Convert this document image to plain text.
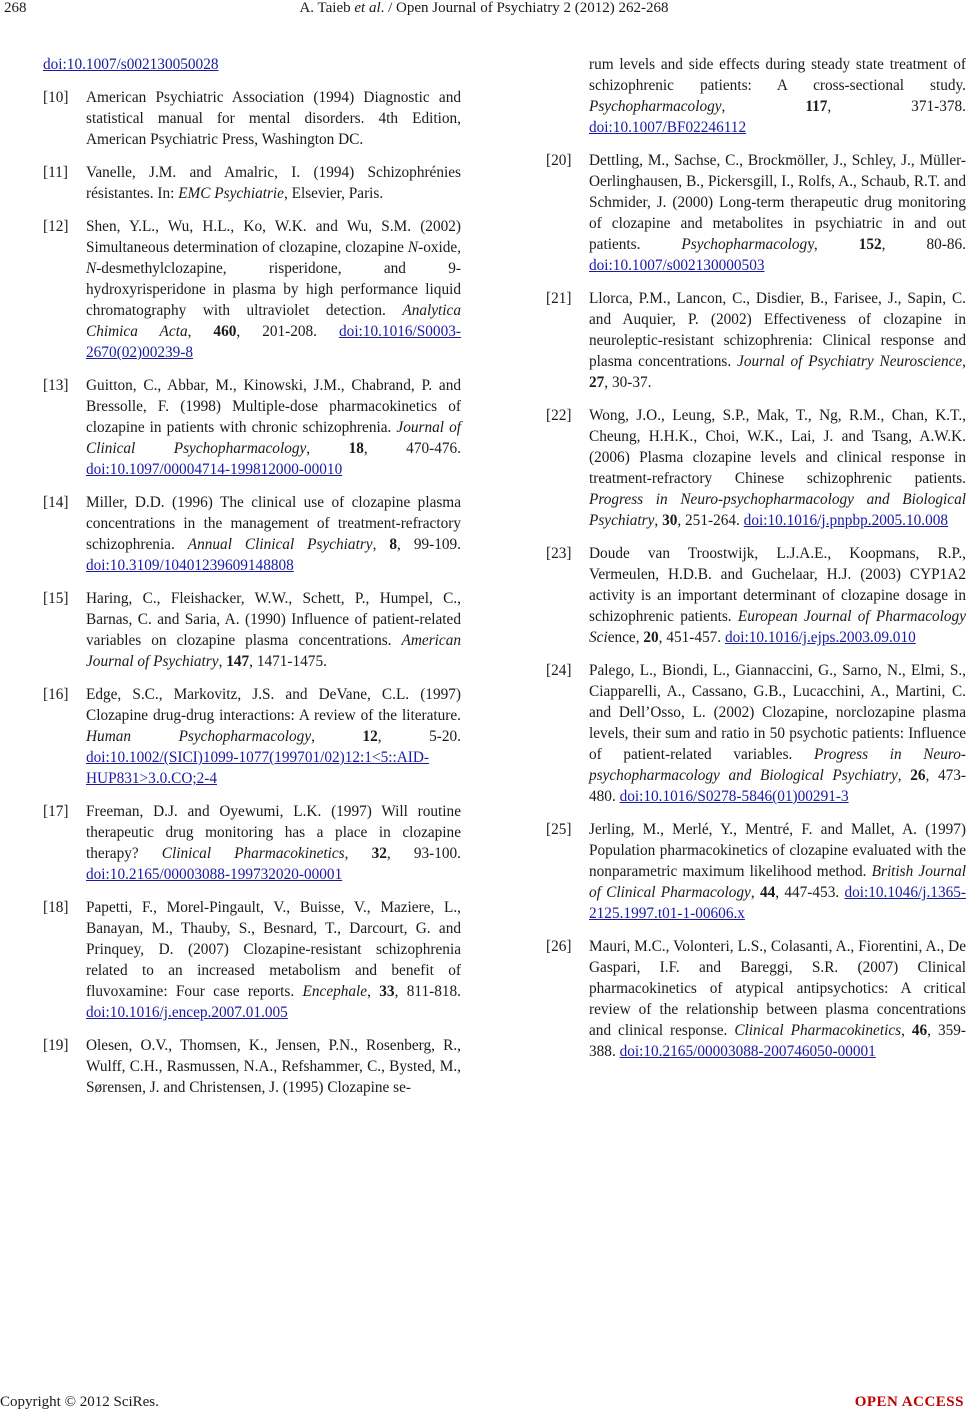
268	A. Taieb et al. / Open Journal of Psychiatry 2 (2012) 262-268
doi:10.1007/s002130050028
[10] American Psychiatric Association (1994) Diagnostic and statistical manual for mental disorders. 4th Edition, American Psychiatric Press, Washington DC.
[11] Vanelle, J.M. and Amalric, I. (1994) Schizophrénies résistantes. In: EMC Psychiatrie, Elsevier, Paris.
[12] Shen, Y.L., Wu, H.L., Ko, W.K. and Wu, S.M. (2002) Simultaneous determination of clozapine, clozapine N-oxide, N-desmethylclozapine, risperidone, and 9-hydroxyrisperidone in plasma by high performance liquid chromatography with ultraviolet detection. Analytica Chimica Acta, 460, 201-208. doi:10.1016/S0003-2670(02)00239-8
[13] Guitton, C., Abbar, M., Kinowski, J.M., Chabrand, P. and Bressolle, F. (1998) Multiple-dose pharmacokinetics of clozapine in patients with chronic schizophrenia. Journal of Clinical Psychopharmacology, 18, 470-476. doi:10.1097/00004714-199812000-00010
[14] Miller, D.D. (1996) The clinical use of clozapine plasma concentrations in the management of treatment-refractory schizophrenia. Annual Clinical Psychiatry, 8, 99-109. doi:10.3109/10401239609148808
[15] Haring, C., Fleishacker, W.W., Schett, P., Humpel, C., Barnas, C. and Saria, A. (1990) Influence of patient-related variables on clozapine plasma concentrations. American Journal of Psychiatry, 147, 1471-1475.
[16] Edge, S.C., Markovitz, J.S. and DeVane, C.L. (1997) Clozapine drug-drug interactions: A review of the literature. Human Psychopharmacology, 12, 5-20. doi:10.1002/(SICI)1099-1077(199701/02)12:1<5::AID-HUP831>3.0.CO;2-4
[17] Freeman, D.J. and Oyewumi, L.K. (1997) Will routine therapeutic drug monitoring has a place in clozapine therapy? Clinical Pharmacokinetics, 32, 93-100. doi:10.2165/00003088-199732020-00001
[18] Papetti, F., Morel-Pingault, V., Buisse, V., Maziere, L., Banayan, M., Thauby, S., Besnard, T., Darcourt, G. and Prinquey, D. (2007) Clozapine-resistant schizophrenia related to an increased metabolism and benefit of fluvoxamine: Four case reports. Encephale, 33, 811-818. doi:10.1016/j.encep.2007.01.005
[19] Olesen, O.V., Thomsen, K., Jensen, P.N., Rosenberg, R., Wulff, C.H., Rasmussen, N.A., Refshammer, C., Bysted, M., Sørensen, J. and Christensen, J. (1995) Clozapine se-
rum levels and side effects during steady state treatment of schizophrenic patients: A cross-sectional study. Psychopharmacology, 117, 371-378. doi:10.1007/BF02246112
[20] Dettling, M., Sachse, C., Brockmöller, J., Schley, J., Müller-Oerlinghausen, B., Pickersgill, I., Rolfs, A., Schaub, R.T. and Schmider, J. (2000) Long-term therapeutic drug monitoring of clozapine and metabolites in psychiatric in and out patients. Psychopharmacology, 152, 80-86. doi:10.1007/s002130000503
[21] Llorca, P.M., Lancon, C., Disdier, B., Farisee, J., Sapin, C. and Auquier, P. (2002) Effectiveness of clozapine in neuroleptic-resistant schizophrenia: Clinical response and plasma concentrations. Journal of Psychiatry Neuroscience, 27, 30-37.
[22] Wong, J.O., Leung, S.P., Mak, T., Ng, R.M., Chan, K.T., Cheung, H.H.K., Choi, W.K., Lai, J. and Tsang, A.W.K. (2006) Plasma clozapine levels and clinical response in treatment-refractory Chinese schizophrenic patients. Progress in Neuro-psychopharmacology and Biological Psychiatry, 30, 251-264. doi:10.1016/j.pnpbp.2005.10.008
[23] Doude van Troostwijk, L.J.A.E., Koopmans, R.P., Vermeulen, H.D.B. and Guchelaar, H.J. (2003) CYP1A2 activity is an important determinant of clozapine dosage in schizophrenic patients. European Journal of Pharmacology Science, 20, 451-457. doi:10.1016/j.ejps.2003.09.010
[24] Palego, L., Biondi, L., Giannaccini, G., Sarno, N., Elmi, S., Ciapparelli, A., Cassano, G.B., Lucacchini, A., Martini, C. and Dell’Osso, L. (2002) Clozapine, norclozapine plasma levels, their sum and ratio in 50 psychotic patients: Influence of patient-related variables. Progress in Neuro-psychopharmacology and Biological Psychiatry, 26, 473-480. doi:10.1016/S0278-5846(01)00291-3
[25] Jerling, M., Merlé, Y., Mentré, F. and Mallet, A. (1997) Population pharmacokinetics of clozapine evaluated with the nonparametric maximum likelihood method. British Journal of Clinical Pharmacology, 44, 447-453. doi:10.1046/j.1365-2125.1997.t01-1-00606.x
[26] Mauri, M.C., Volonteri, L.S., Colasanti, A., Fiorentini, A., De Gaspari, I.F. and Bareggi, S.R. (2007) Clinical pharmacokinetics of atypical antipsychotics: A critical review of the relationship between plasma concentrations and clinical response. Clinical Pharmacokinetics, 46, 359-388. doi:10.2165/00003088-200746050-00001
Copyright © 2012 SciRes.	OPEN ACCESS
